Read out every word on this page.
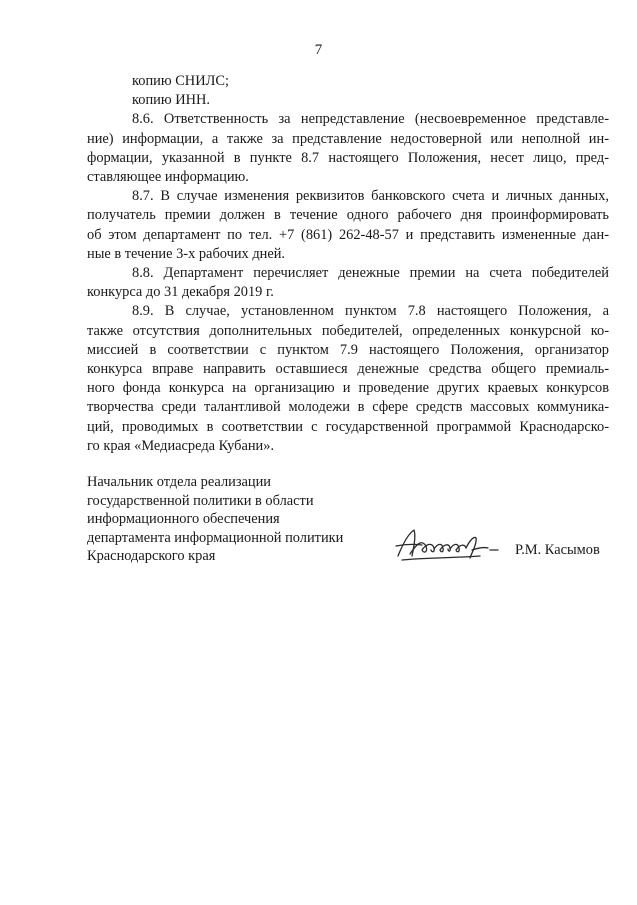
7
копию СНИЛС;
копию ИНН.
8.6. Ответственность за непредставление (несвоевременное представле-
ние) информации, а также за представление недостоверной или неполной ин-
формации, указанной в пункте 8.7 настоящего Положения, несет лицо, пред-
ставляющее информацию.
8.7. В случае изменения реквизитов банковского счета и личных данных,
получатель премии должен в течение одного рабочего дня проинформировать
об этом департамент по тел. +7 (861) 262-48-57 и представить измененные дан-
ные в течение 3-х рабочих дней.
8.8. Департамент перечисляет денежные премии на счета победителей
конкурса до 31 декабря 2019 г.
8.9. В случае, установленном пунктом 7.8 настоящего Положения, а
также отсутствия дополнительных победителей, определенных конкурсной ко-
миссией в соответствии с пунктом 7.9 настоящего Положения, организатор
конкурса вправе направить оставшиеся денежные средства общего премиаль-
ного фонда конкурса на организацию и проведение других краевых конкурсов
творчества среди талантливой молодежи в сфере средств массовых коммуника-
ций, проводимых в соответствии с государственной программой Краснодарско-
го края «Медиасреда Кубани».
Начальник отдела реализации
государственной политики в области
информационного обеспечения
департамента информационной политики
Краснодарского края	Р.М. Касымов
